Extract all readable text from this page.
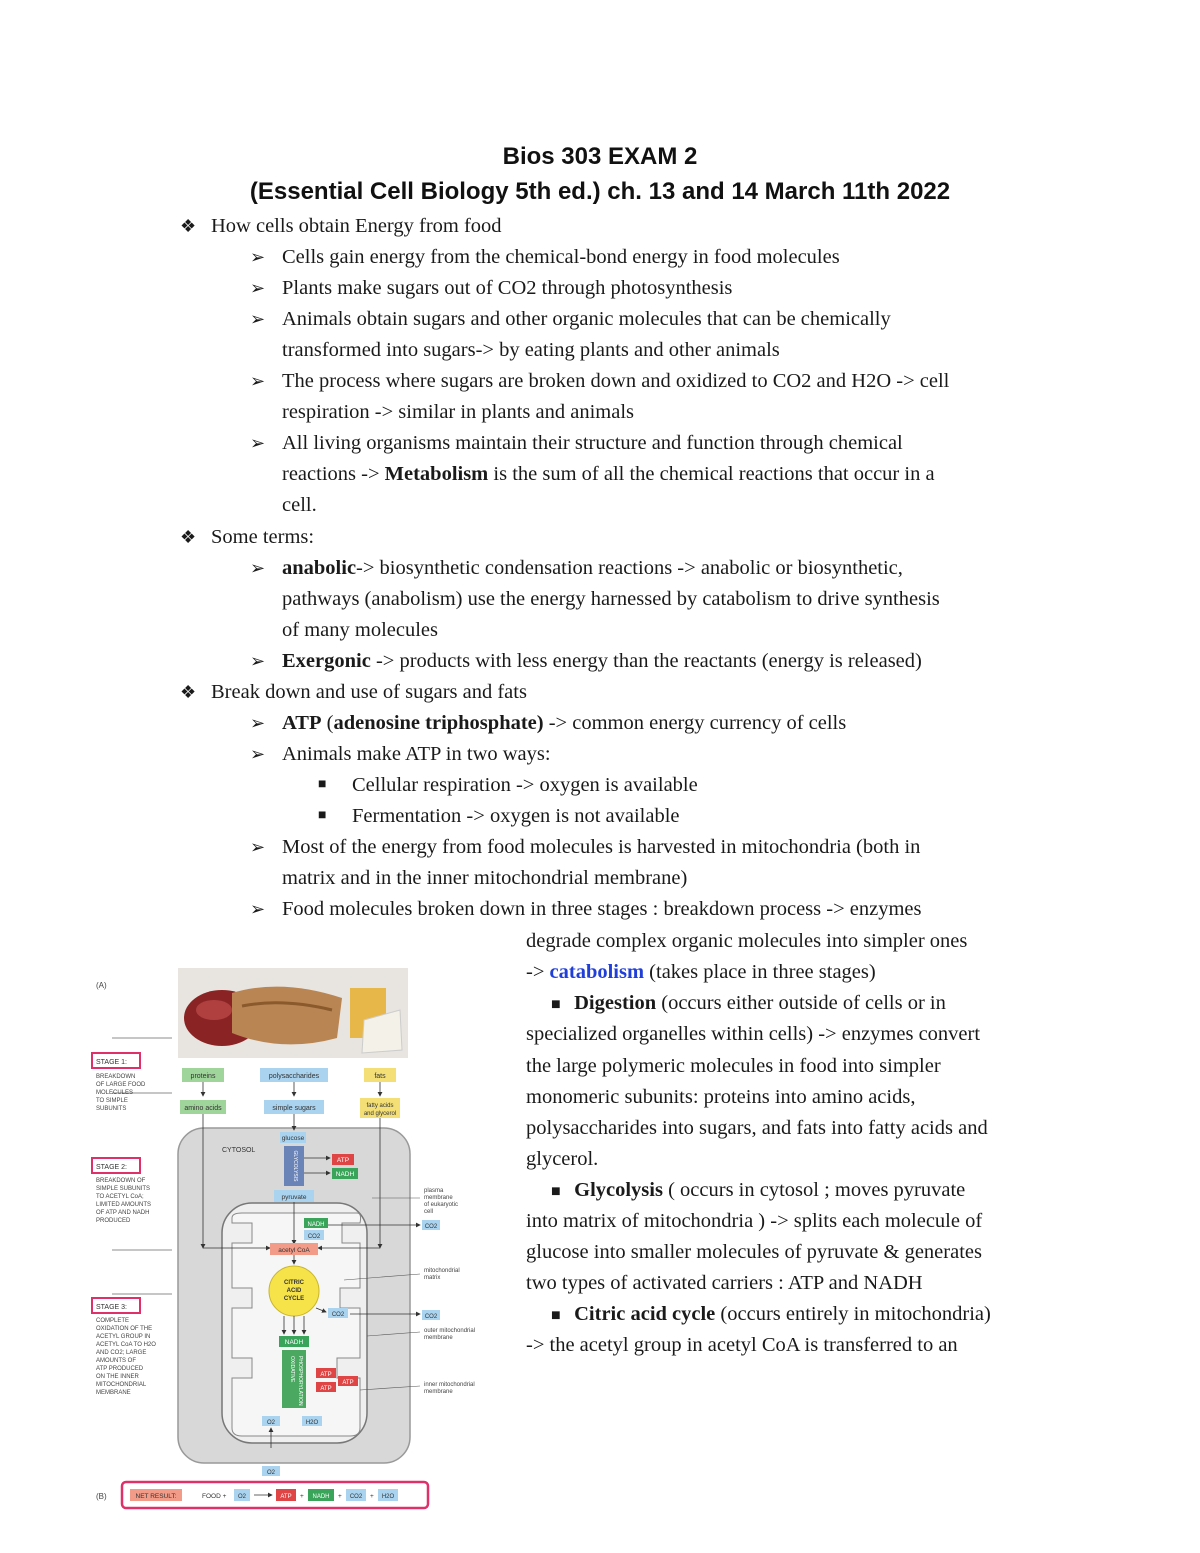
Bios 303 EXAM 2
(Essential Cell Biology 5th ed.) ch. 13 and 14 March 11th 2022
❖ How cells obtain Energy from food
➢ Cells gain energy from the chemical-bond energy in food molecules
➢ Plants make sugars out of CO2 through photosynthesis
➢ Animals obtain sugars and other organic molecules that can be chemically
transformed into sugars-> by eating plants and other animals
➢ The process where sugars are broken down and oxidized to CO2 and H2O -> cell
respiration -> similar in plants and animals
➢ All living organisms maintain their structure and function through chemical
reactions -> Metabolism is the sum of all the chemical reactions that occur in a
cell.
❖ Some terms:
➢ anabolic-> biosynthetic condensation reactions -> anabolic or biosynthetic,
pathways (anabolism) use the energy harnessed by catabolism to drive synthesis
of many molecules
➢ Exergonic -> products with less energy than the reactants (energy is released)
❖ Break down and use of sugars and fats
➢ ATP (adenosine triphosphate) -> common energy currency of cells
➢ Animals make ATP in two ways:
■ Cellular respiration -> oxygen is available
■ Fermentation -> oxygen is not available
➢ Most of the energy from food molecules is harvested in mitochondria (both in
matrix and in the inner mitochondrial membrane)
➢ Food molecules broken down in three stages : breakdown process -> enzymes
degrade complex organic molecules into simpler ones
-> catabolism (takes place in three stages)
■ Digestion (occurs either outside of cells or in
specialized organelles within cells) -> enzymes convert
the large polymeric molecules in food into simpler
monomeric subunits: proteins into amino acids,
polysaccharides into sugars, and fats into fatty acids and
glycerol.
■ Glycolysis ( occurs in cytosol ; moves pyruvate
into matrix of mitochondria ) -> splits each molecule of
glucose into smaller molecules of pyruvate & generates
two types of activated carriers : ATP and NADH
■ Citric acid cycle (occurs entirely in mitochondria)
-> the acetyl group in acetyl CoA is transferred to an
(A)
STAGE 1:
BREAKDOWN
OF LARGE FOOD
MOLECULES
TO SIMPLE
SUBUNITS
STAGE 2:
BREAKDOWN OF
SIMPLE SUBUNITS
TO ACETYL CoA;
LIMITED AMOUNTS
OF ATP AND NADH
PRODUCED
STAGE 3:
COMPLETE
OXIDATION OF THE
ACETYL GROUP IN
ACETYL CoA TO H2O
AND CO2; LARGE
AMOUNTS OF
ATP PRODUCED
ON THE INNER
MITOCHONDRIAL
MEMBRANE
proteins	polysaccharides	fats
amino acids	simple sugars	fatty acids
and glycerol
CYTOSOL
glucose
GLYCOLYSIS	ATP
NADH
pyruvate
NADH
CO2
acetyl CoA
CITRIC
ACID
CYCLE
CO2
NADH
OXIDATIVE PHOSPHORYLATION	ATP
ATP
ATP
O2	H2O
O2
CO2
CO2
plasma
membrane
of eukaryotic
cell
mitochondrial
matrix
outer mitochondrial
membrane
inner mitochondrial
membrane
(B)	NET RESULT:	FOOD + O2	ATP + NADH + CO2 + H2O
